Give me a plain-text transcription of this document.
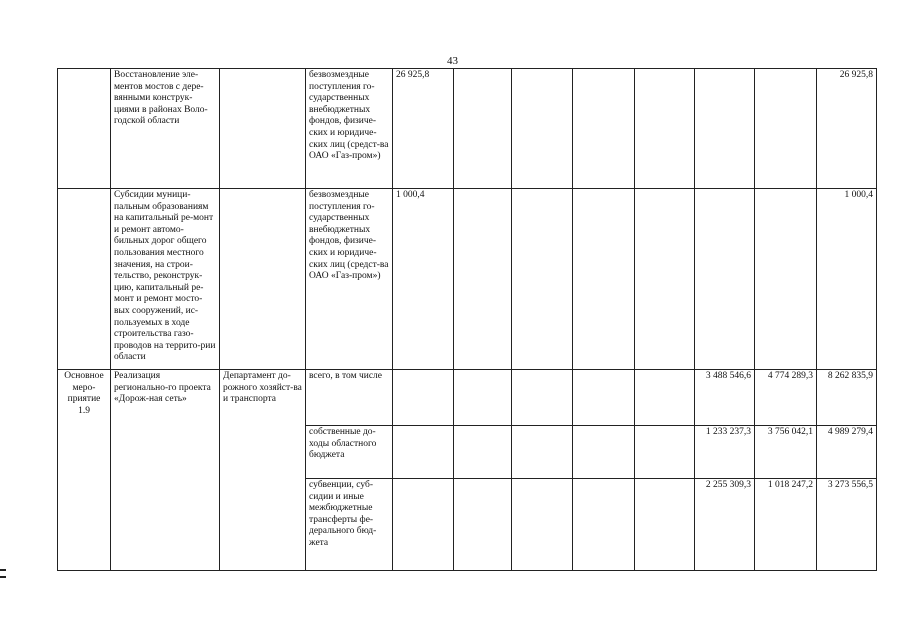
43
	Восстановление эле-ментов мостов с дере-вянными конструк-циями в районах Воло-годской области		безвозмездные поступления го-сударственных внебюджетных фондов, физиче-ских и юридиче-ских лиц (средст-ва ОАО «Газ-пром»)	26 925,8							26 925,8
	Субсидии муници-пальным образованиям на капитальный ре-монт и ремонт автомо-бильных дорог общего пользования местного значения, на строи-тельство, реконструк-цию, капитальный ре-монт и ремонт мосто-вых сооружений, ис-пользуемых в ходе строительства газо-проводов на террито-рии области		безвозмездные поступления го-сударственных внебюджетных фондов, физиче-ских и юридиче-ских лиц (средст-ва ОАО «Газ-пром»)	1 000,4							1 000,4
Основное меро-приятие 1.9	Реализация регионально-го проекта «Дорож-ная сеть»	Департамент до-рожного хозяйст-ва и транспорта	всего, в том числе						3 488 546,6	4 774 289,3	8 262 835,9
			собственные до-ходы областного бюджета						1 233 237,3	3 756 042,1	4 989 279,4
			субвенции, суб-сидии и иные межбюджетные трансферты фе-дерального бюд-жета						2 255 309,3	1 018 247,2	3 273 556,5
